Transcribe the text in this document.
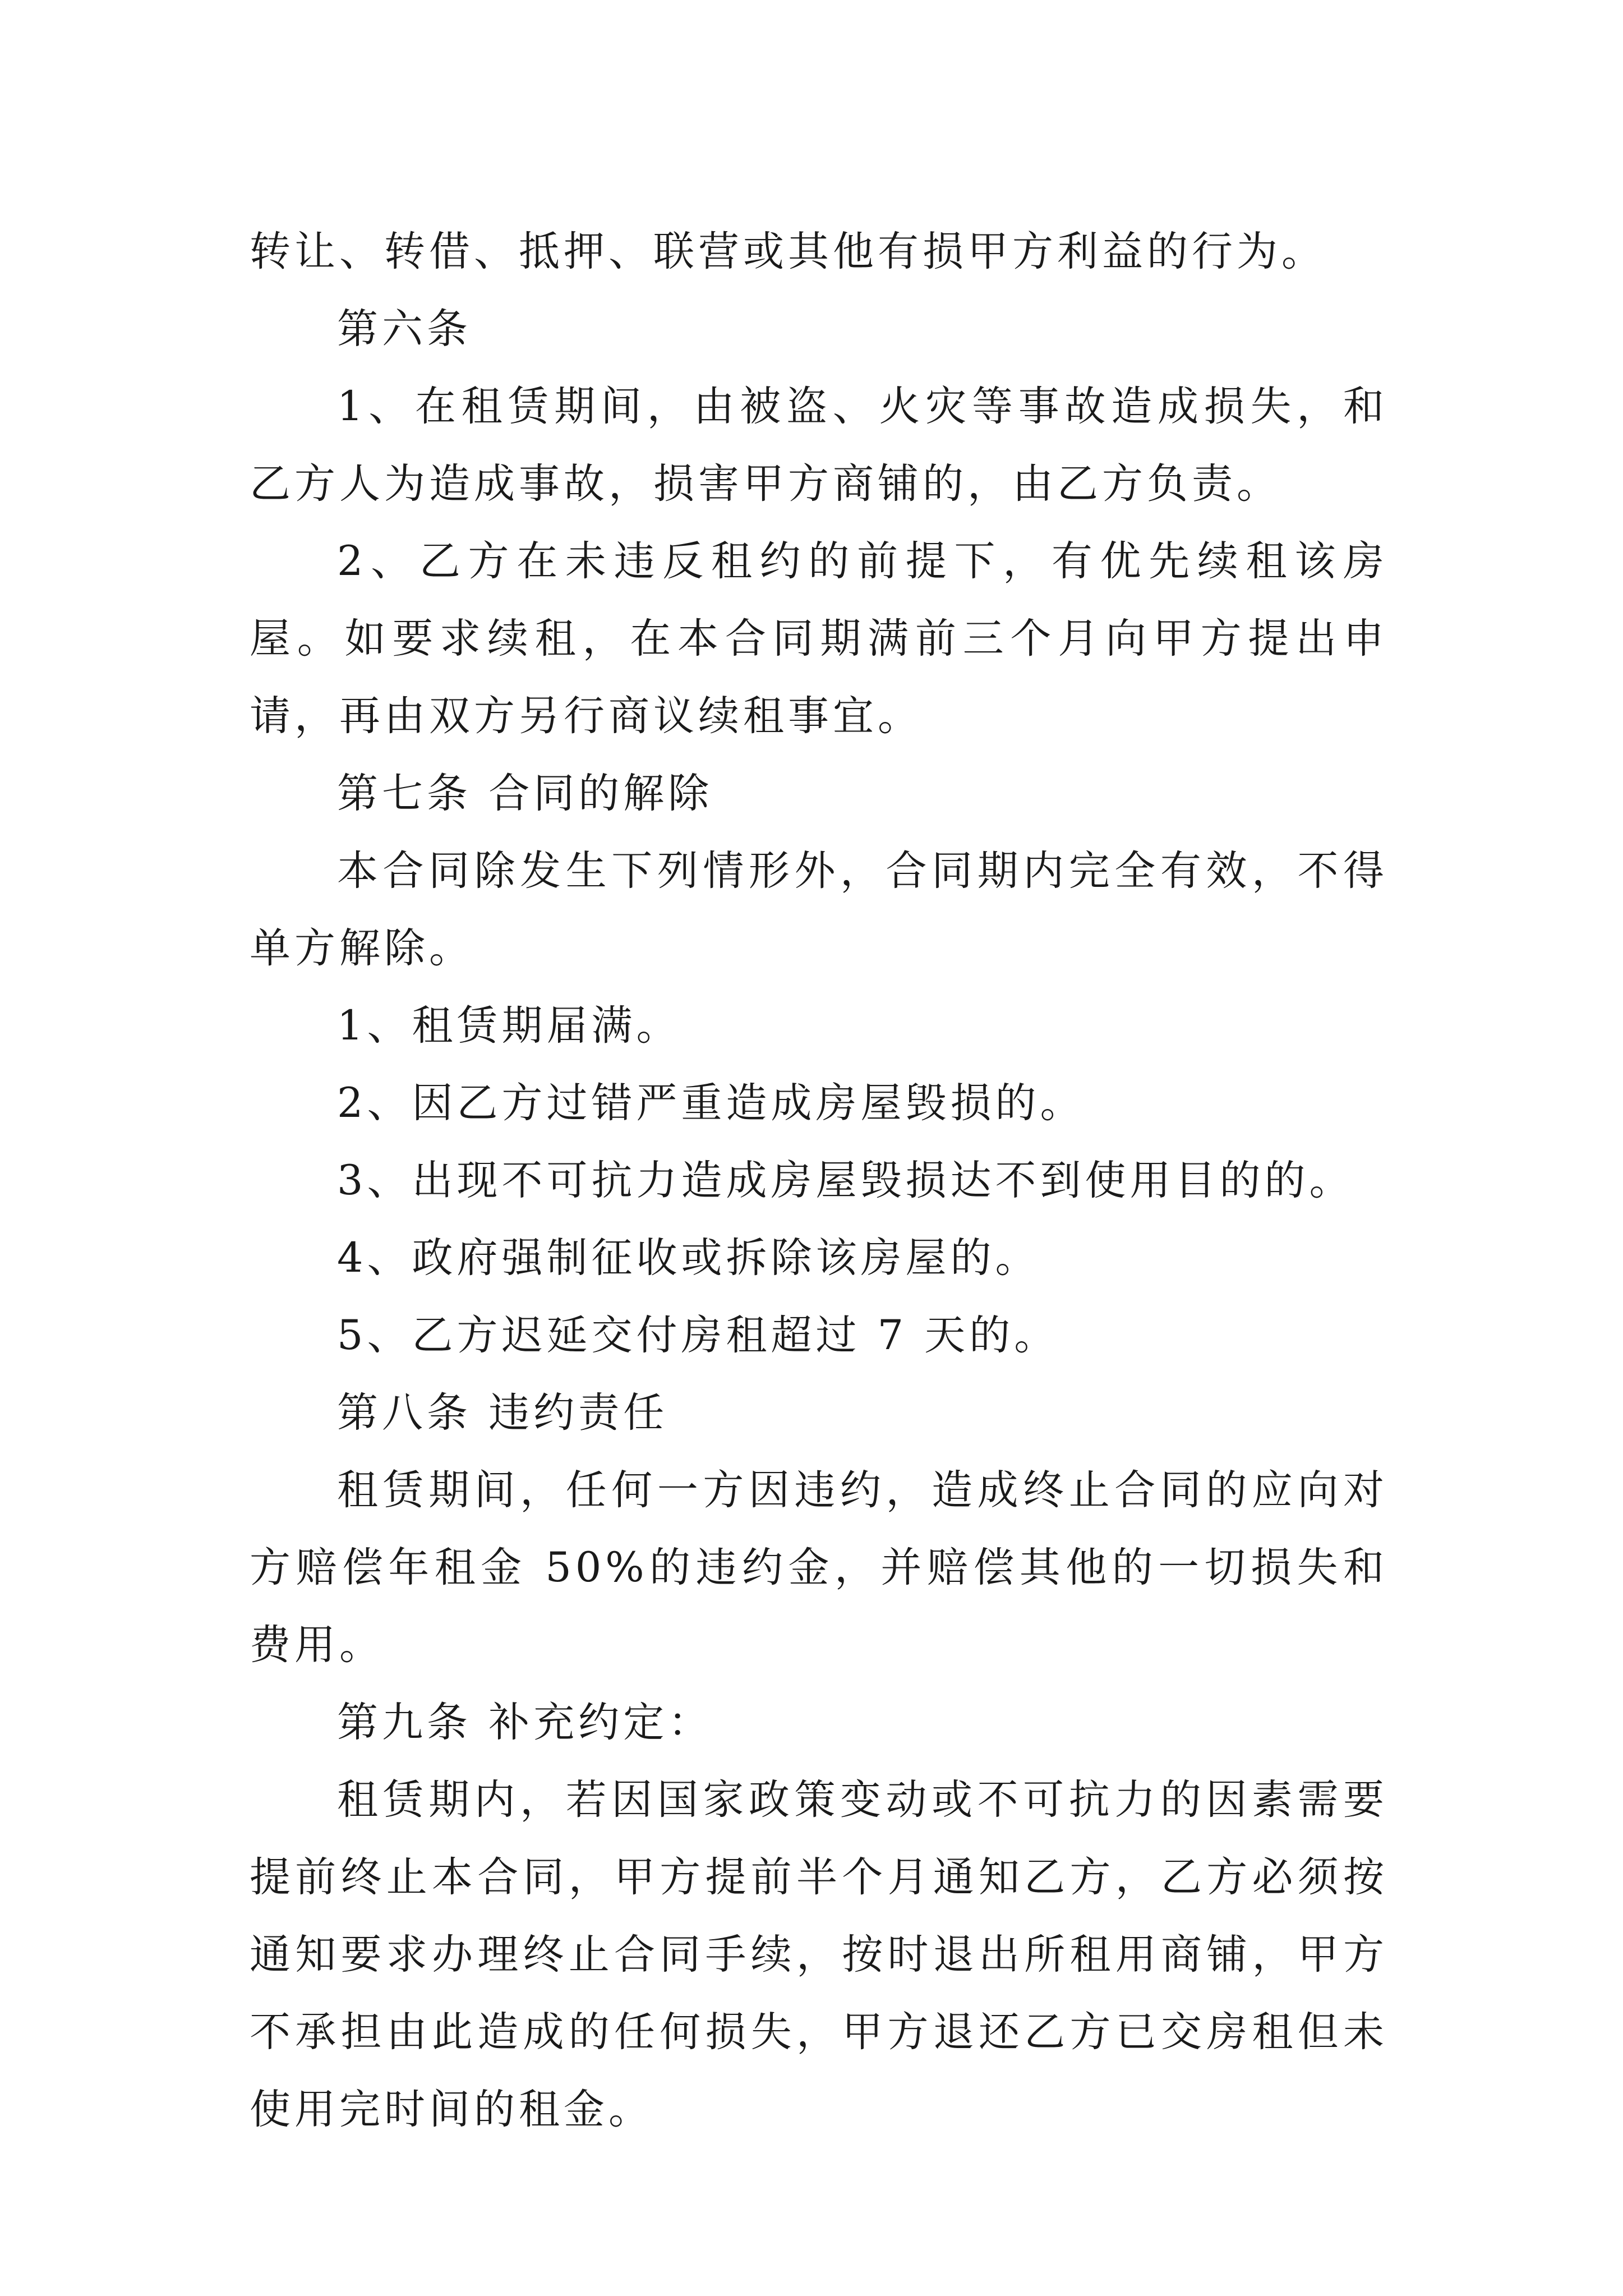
转让、转借、抵押、联营或其他有损甲方利益的行为。

第六条

1、在租赁期间，由被盗、火灾等事故造成损失，和乙方人为造成事故，损害甲方商铺的，由乙方负责。

2、乙方在未违反租约的前提下，有优先续租该房屋。如要求续租，在本合同期满前三个月向甲方提出申请，再由双方另行商议续租事宜。

第七条 合同的解除

本合同除发生下列情形外，合同期内完全有效，不得单方解除。

1、租赁期届满。

2、因乙方过错严重造成房屋毁损的。

3、出现不可抗力造成房屋毁损达不到使用目的的。

4、政府强制征收或拆除该房屋的。

5、乙方迟延交付房租超过 7 天的。

第八条 违约责任

租赁期间，任何一方因违约，造成终止合同的应向对方赔偿年租金 50%的违约金，并赔偿其他的一切损失和费用。

第九条 补充约定：

租赁期内，若因国家政策变动或不可抗力的因素需要提前终止本合同，甲方提前半个月通知乙方，乙方必须按通知要求办理终止合同手续，按时退出所租用商铺，甲方不承担由此造成的任何损失，甲方退还乙方已交房租但未使用完时间的租金。
